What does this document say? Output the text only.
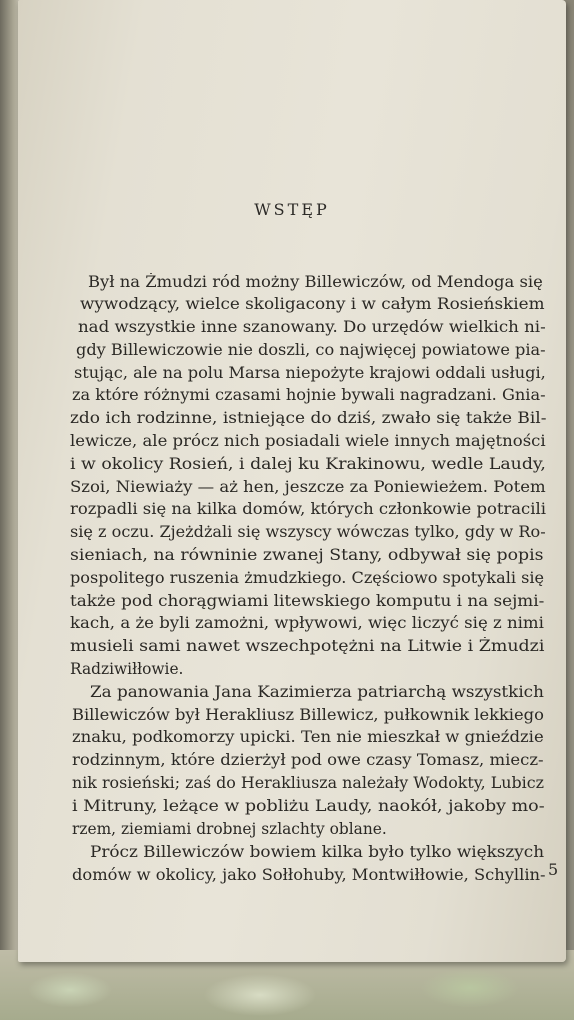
WSTĘP
Był na Żmudzi ród możny Billewiczów, od Mendoga się
wywodzący, wielce skoligacony i w całym Rosieńskiem
nad wszystkie inne szanowany. Do urzędów wielkich ni-
gdy Billewiczowie nie doszli, co najwięcej powiatowe pia-
stując, ale na polu Marsa niepożyte krajowi oddali usługi,
za które różnymi czasami hojnie bywali nagradzani. Gnia-
zdo ich rodzinne, istniejące do dziś, zwało się także Bil-
lewicze, ale prócz nich posiadali wiele innych majętności
i w okolicy Rosień, i dalej ku Krakinowu, wedle Laudy,
Szoi, Niewiaży — aż hen, jeszcze za Poniewieżem. Potem
rozpadli się na kilka domów, których członkowie potracili
się z oczu. Zjeżdżali się wszyscy wówczas tylko, gdy w Ro-
sieniach, na równinie zwanej Stany, odbywał się popis
pospolitego ruszenia żmudzkiego. Częściowo spotykali się
także pod chorągwiami litewskiego komputu i na sejmi-
kach, a że byli zamożni, wpływowi, więc liczyć się z nimi
musieli sami nawet wszechpotężni na Litwie i Żmudzi
Radziwiłłowie.
Za panowania Jana Kazimierza patriarchą wszystkich
Billewiczów był Herakliusz Billewicz, pułkownik lekkiego
znaku, podkomorzy upicki. Ten nie mieszkał w gnieździe
rodzinnym, które dzierżył pod owe czasy Tomasz, miecz-
nik rosieński; zaś do Herakliusza należały Wodokty, Lubicz
i Mitruny, leżące w pobliżu Laudy, naokół, jakoby mo-
rzem, ziemiami drobnej szlachty oblane.
Prócz Billewiczów bowiem kilka było tylko większych
domów w okolicy, jako Sołłohuby, Montwiłłowie, Schyllin- 5
